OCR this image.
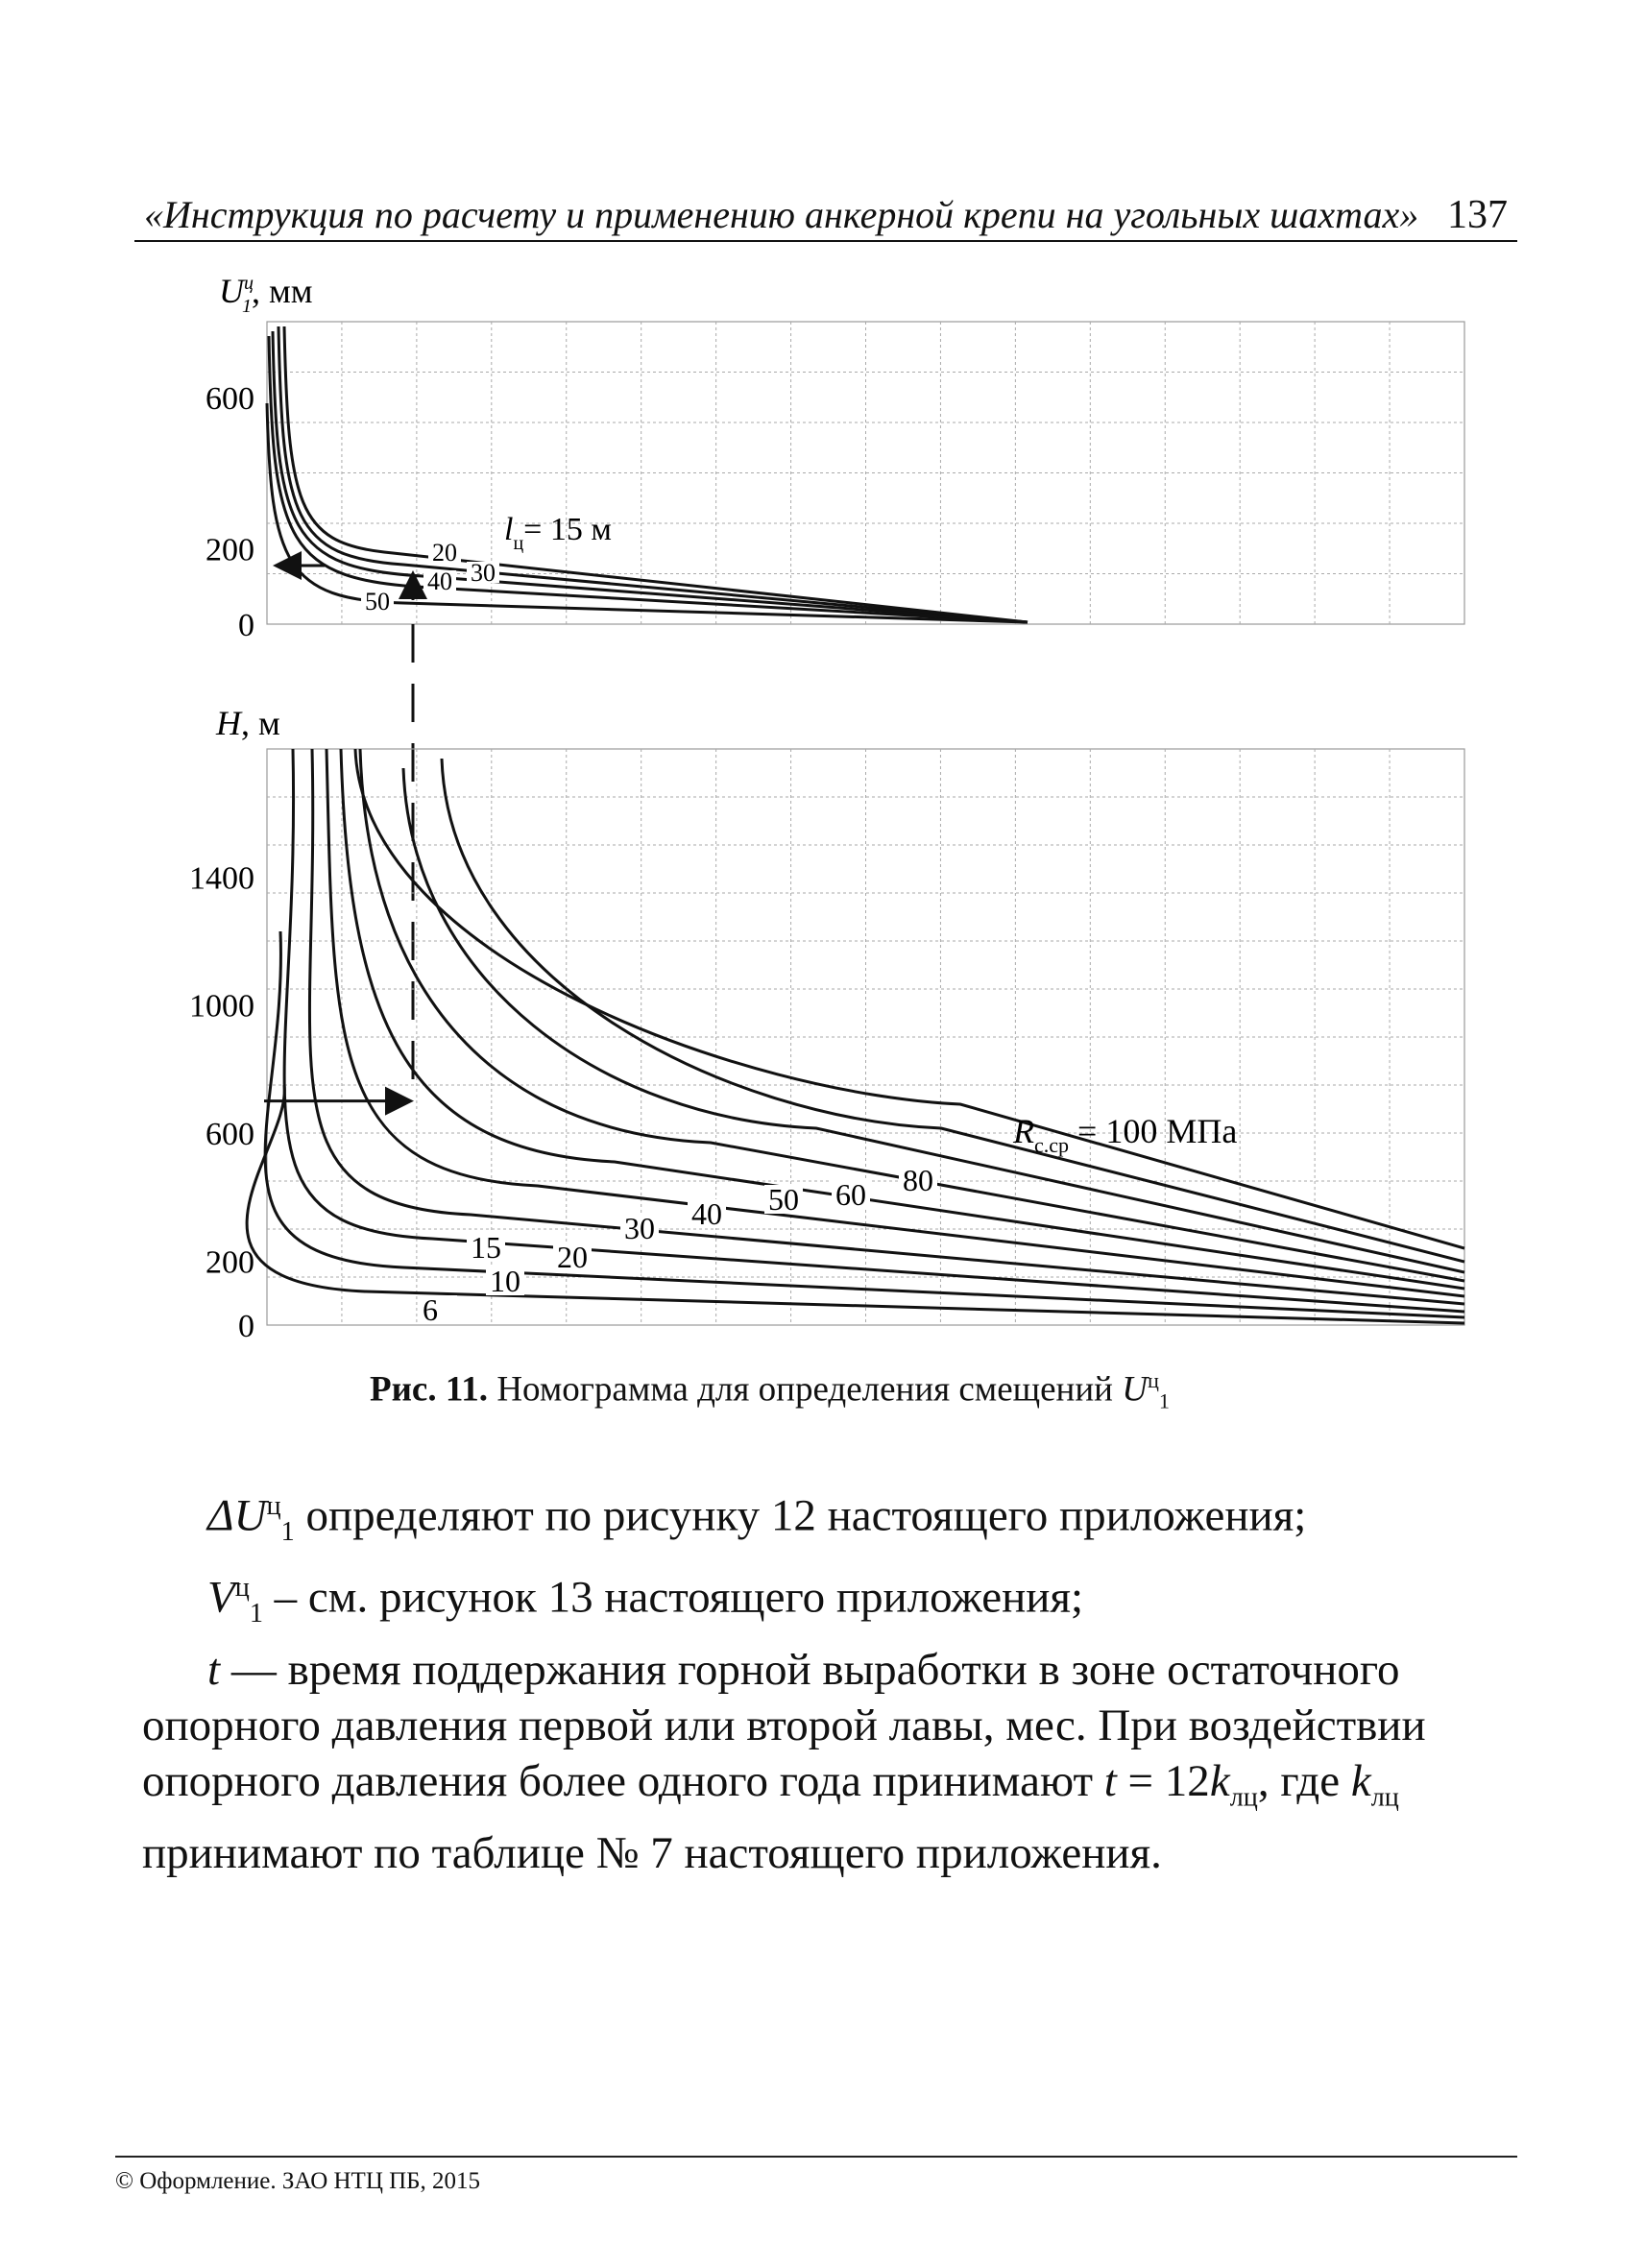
«Инструкция по расчету и применению анкерной крепи на угольных шахтах» 137
600
200
0
$U^ц$ 1, мм
$l_ц= 15$ м
20
30
40
50
1400
1000
600
200
0
H, м
$R_{с.ср} = 100$ МПа
6
10
15 20
30 40 50 60 80
Рис. 11. Номограмма для определения смещений $U^ц_1$

$\Delta U^ц_1$ определяют по рисунку 12 настоящего приложения;

$V^ц_1$ – см. рисунок 13 настоящего приложения;

t — время поддержания горной выработки в зоне остаточного опорного давления первой или второй лавы, мес. При воздействии опорного давления более одного года принимают $t = 12k_{лц}$, где $k_{лц}$ принимают по таблице № 7 настоящего приложения.

© Оформление. ЗАО НТЦ ПБ, 2015
